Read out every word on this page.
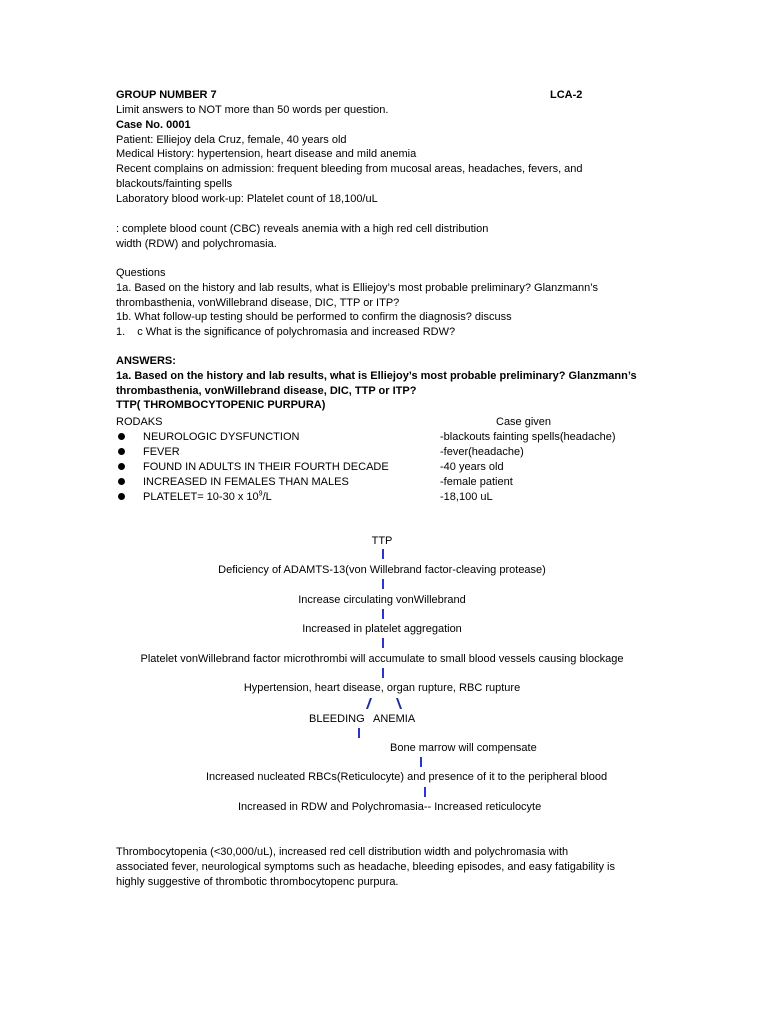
GROUP NUMBER 7	LCA-2
Limit answers to NOT more than 50 words per question.
Case No. 0001
Patient: Elliejoy dela Cruz, female, 40 years old
Medical History: hypertension, heart disease and mild anemia
Recent complains on admission: frequent bleeding from mucosal areas, headaches, fevers, and
blackouts/fainting spells
Laboratory blood work-up: Platelet count of 18,100/uL
: complete blood count (CBC) reveals anemia with a high red cell distribution
width (RDW) and polychromasia.
Questions
1a. Based on the history and lab results, what is Elliejoy’s most probable preliminary? Glanzmann’s
thrombasthenia, vonWillebrand disease, DIC, TTP or ITP?
1b. What follow-up testing should be performed to confirm the diagnosis? discuss
1. c What is the significance of polychromasia and increased RDW?
ANSWERS:
1a. Based on the history and lab results, what is Elliejoy’s most probable preliminary? Glanzmann’s
thrombasthenia, vonWillebrand disease, DIC, TTP or ITP?
TTP( THROMBOCYTOPENIC PURPURA)
RODAKS	Case given
NEUROLOGIC DYSFUNCTION	-blackouts fainting spells(headache)
FEVER	-fever(headache)
FOUND IN ADULTS IN THEIR FOURTH DECADE	-40 years old
INCREASED IN FEMALES THAN MALES	-female patient
PLATELET= 10-30 x $10^9/L$	-18,100 uL
TTP
Deficiency of ADAMTS-13(von Willebrand factor-cleaving protease)
Increase circulating vonWillebrand
Increased in platelet aggregation
Platelet vonWillebrand factor microthrombi will accumulate to small blood vessels causing blockage
Hypertension, heart disease, organ rupture, RBC rupture
BLEEDING ANEMIA
Bone marrow will compensate
Increased nucleated RBCs(Reticulocyte) and presence of it to the peripheral blood
Increased in RDW and Polychromasia-- Increased reticulocyte
Thrombocytopenia (<30,000/uL), increased red cell distribution width and polychromasia with
associated fever, neurological symptoms such as headache, bleeding episodes, and easy fatigability is
highly suggestive of thrombotic thrombocytopenc purpura.
